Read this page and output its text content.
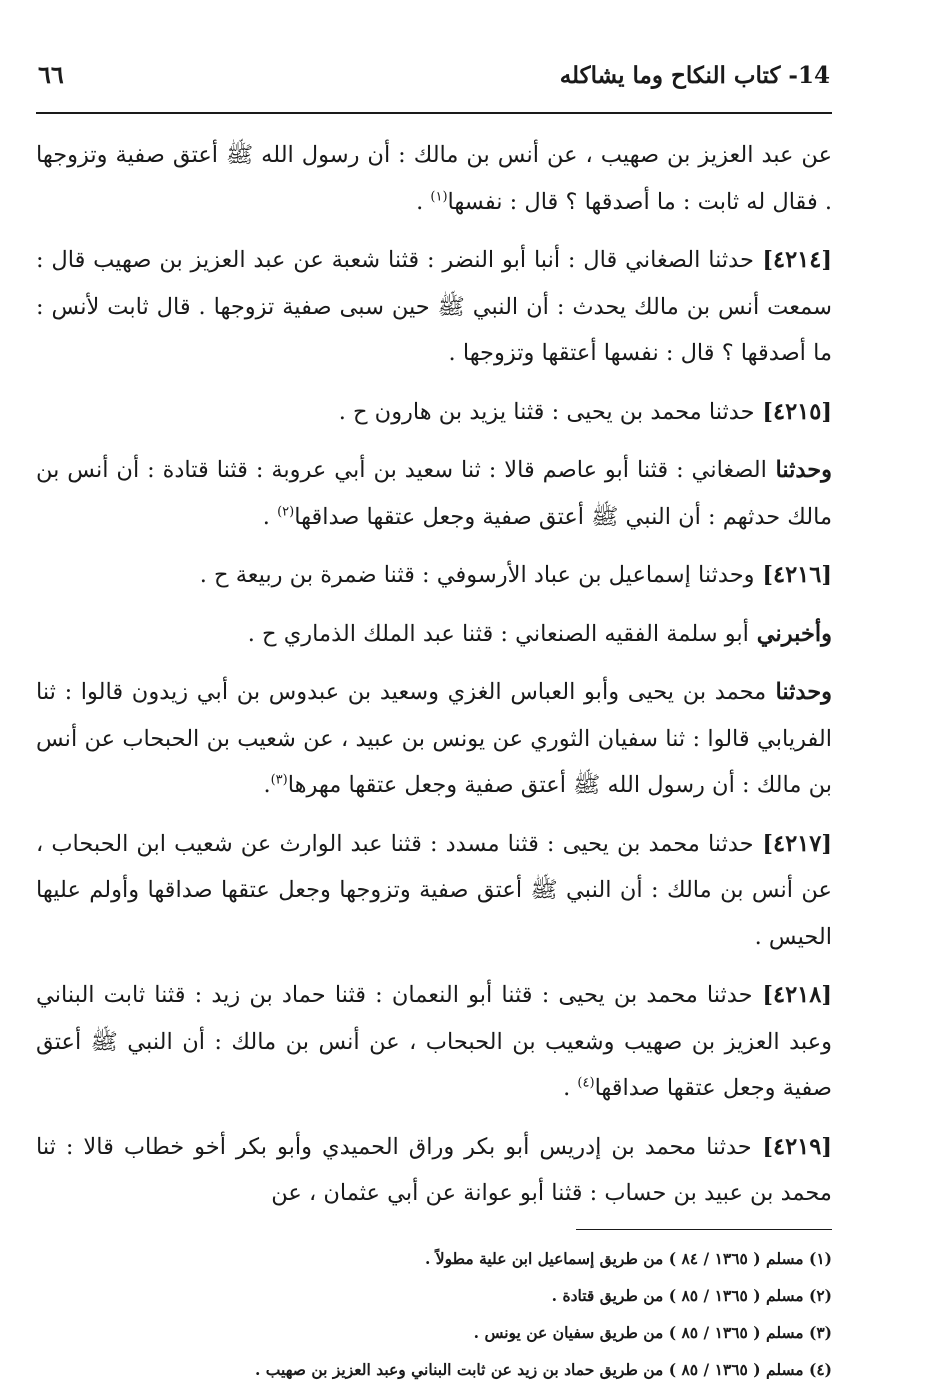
14- كتاب النكاح وما يشاكله
٦٦

عن عبد العزيز بن صهيب ، عن أنس بن مالك : أن رسول الله ﷺ أعتق صفية وتزوجها . فقال له ثابت : ما أصدقها ؟ قال : نفسها$^{(١)}$ .

[٤٢١٤] حدثنا الصغاني قال : أنبا أبو النضر : قثنا شعبة عن عبد العزيز بن صهيب قال : سمعت أنس بن مالك يحدث : أن النبي ﷺ حين سبى صفية تزوجها . قال ثابت لأنس : ما أصدقها ؟ قال : نفسها أعتقها وتزوجها .

[٤٢١٥] حدثنا محمد بن يحيى : قثنا يزيد بن هارون ح .

وحدثنا الصغاني : قثنا أبو عاصم قالا : ثنا سعيد بن أبي عروبة : قثنا قتادة : أن أنس بن مالك حدثهم : أن النبي ﷺ أعتق صفية وجعل عتقها صداقها$^{(٢)}$ .

[٤٢١٦] وحدثنا إسماعيل بن عباد الأرسوفي : قثنا ضمرة بن ربيعة ح .

وأخبرني أبو سلمة الفقيه الصنعاني : قثنا عبد الملك الذماري ح .

وحدثنا محمد بن يحيى وأبو العباس الغزي وسعيد بن عبدوس بن أبي زيدون قالوا : ثنا الفريابي قالوا : ثنا سفيان الثوري عن يونس بن عبيد ، عن شعيب بن الحبحاب عن أنس بن مالك : أن رسول الله ﷺ أعتق صفية وجعل عتقها مهرها$^{(٣)}$.

[٤٢١٧] حدثنا محمد بن يحيى : قثنا مسدد : قثنا عبد الوارث عن شعيب ابن الحبحاب ، عن أنس بن مالك : أن النبي ﷺ أعتق صفية وتزوجها وجعل عتقها صداقها وأولم عليها الحيس .

[٤٢١٨] حدثنا محمد بن يحيى : قثنا أبو النعمان : قثنا حماد بن زيد : قثنا ثابت البناني وعبد العزيز بن صهيب وشعيب بن الحبحاب ، عن أنس بن مالك : أن النبي ﷺ أعتق صفية وجعل عتقها صداقها$^{(٤)}$ .

[٤٢١٩] حدثنا محمد بن إدريس أبو بكر وراق الحميدي وأبو بكر أخو خطاب قالا : ثنا محمد بن عبيد بن حساب : قثنا أبو عوانة عن أبي عثمان ، عن

(١) مسلم ( ١٣٦٥ / ٨٤ ) من طريق إسماعيل ابن علية مطولاً .
(٢) مسلم ( ١٣٦٥ / ٨٥ ) من طريق قتادة .
(٣) مسلم ( ١٣٦٥ / ٨٥ ) من طريق سفيان عن يونس .
(٤) مسلم ( ١٣٦٥ / ٨٥ ) من طريق حماد بن زيد عن ثابت البناني وعبد العزيز بن صهيب .
